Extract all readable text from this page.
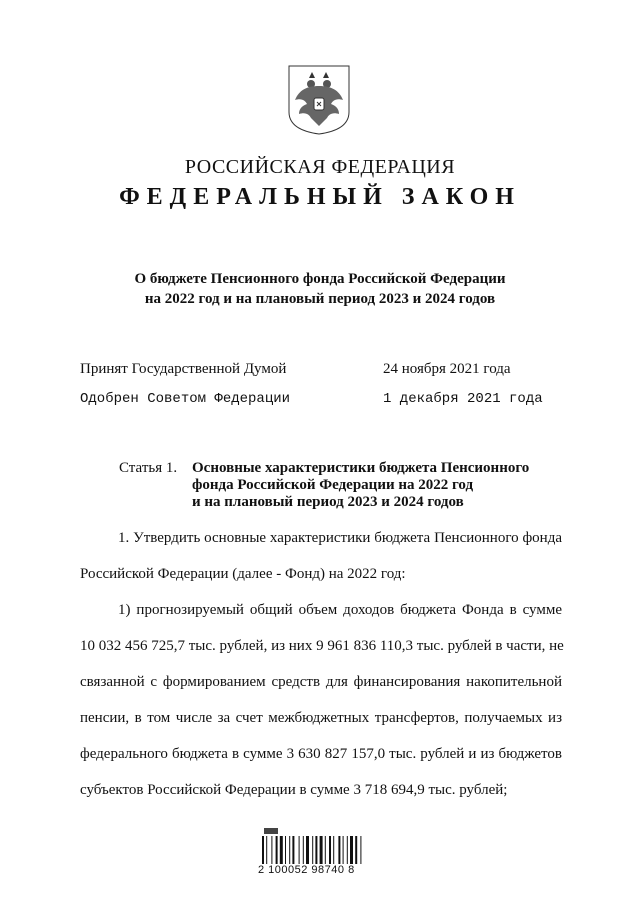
РОССИЙСКАЯ ФЕДЕРАЦИЯ
ФЕДЕРАЛЬНЫЙ ЗАКОН
О бюджете Пенсионного фонда Российской Федерации
на 2022 год и на плановый период 2023 и 2024 годов
Принят Государственной Думой	24 ноября 2021 года
Одобрен Советом Федерации	1 декабря 2021 года
Статья 1. Основные характеристики бюджета Пенсионного
фонда Российской Федерации на 2022 год
и на плановый период 2023 и 2024 годов
1. Утвердить основные характеристики бюджета Пенсионного фонда
Российской Федерации (далее - Фонд) на 2022 год:
1) прогнозируемый общий объем доходов бюджета Фонда в сумме
10 032 456 725,7 тыс. рублей, из них 9 961 836 110,3 тыс. рублей в части, не
связанной с формированием средств для финансирования накопительной
пенсии, в том числе за счет межбюджетных трансфертов, получаемых из
федерального бюджета в сумме 3 630 827 157,0 тыс. рублей и из бюджетов
субъектов Российской Федерации в сумме 3 718 694,9 тыс. рублей;
2 100052 98740 8
